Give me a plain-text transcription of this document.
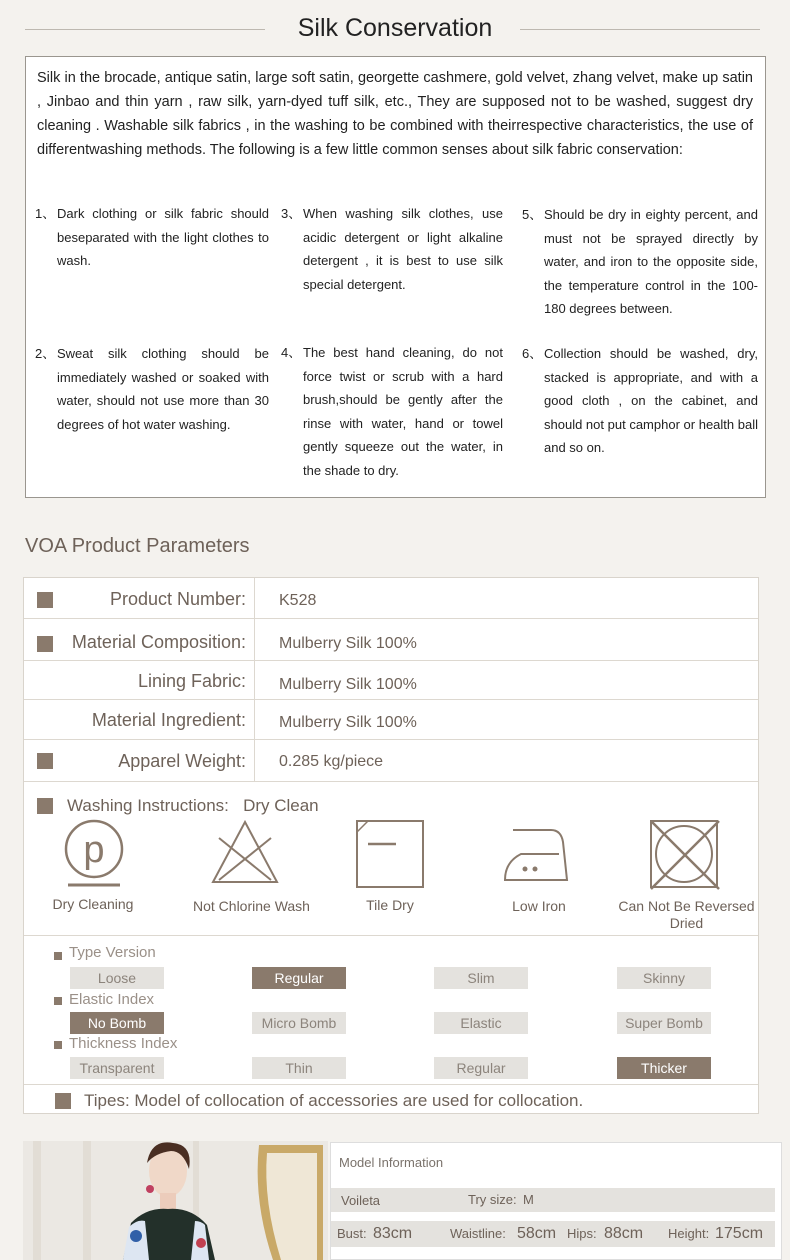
Silk Conservation
Silk in the brocade, antique satin, large soft satin, georgette cashmere, gold velvet, zhang velvet, make up satin , Jinbao and thin yarn , raw silk, yarn-dyed tuff silk, etc., They are supposed not to be washed, suggest dry cleaning . Washable silk fabrics , in the washing to be combined with theirrespective characteristics, the use of differentwashing methods. The following is a few little common senses about silk fabric conservation:
1、 Dark clothing or silk fabric should beseparated with the light clothes to wash.
2、 Sweat silk clothing should be immediately washed or soaked with water, should not use more than 30 degrees of hot water washing.
3、 When washing silk clothes, use acidic detergent or light alkaline detergent , it is best to use silk special detergent.
4、 The best hand cleaning, do not force twist or scrub with a hard brush,should be gently after the rinse with water, hand or towel gently squeeze out the water, in the shade to dry.
5、 Should be dry in eighty percent, and must not be sprayed directly by water, and iron to the opposite side, the temperature control in the 100-180 degrees between.
6、 Collection should be washed, dry, stacked is appropriate, and with a good cloth , on the cabinet, and should not put camphor or health ball and so on.
VOA Product Parameters
Product Number: K528
Material Composition: Mulberry Silk 100%
Lining Fabric: Mulberry Silk 100%
Material Ingredient: Mulberry Silk 100%
Apparel Weight: 0.285 kg/piece
Washing Instructions: Dry Clean
p
Dry Cleaning	Not Chlorine Wash	Tile Dry	Low Iron	Can Not Be Reversed Dried
Type Version
Loose	Regular	Slim	Skinny
Elastic Index
No Bomb	Micro Bomb	Elastic	Super Bomb
Thickness Index
Transparent	Thin	Regular	Thicker
Tipes: Model of collocation of accessories are used for collocation.
Model Information
Voileta	Try size: M
Bust: 83cm	Waistline: 58cm Hips: 88cm Height: 175cm
